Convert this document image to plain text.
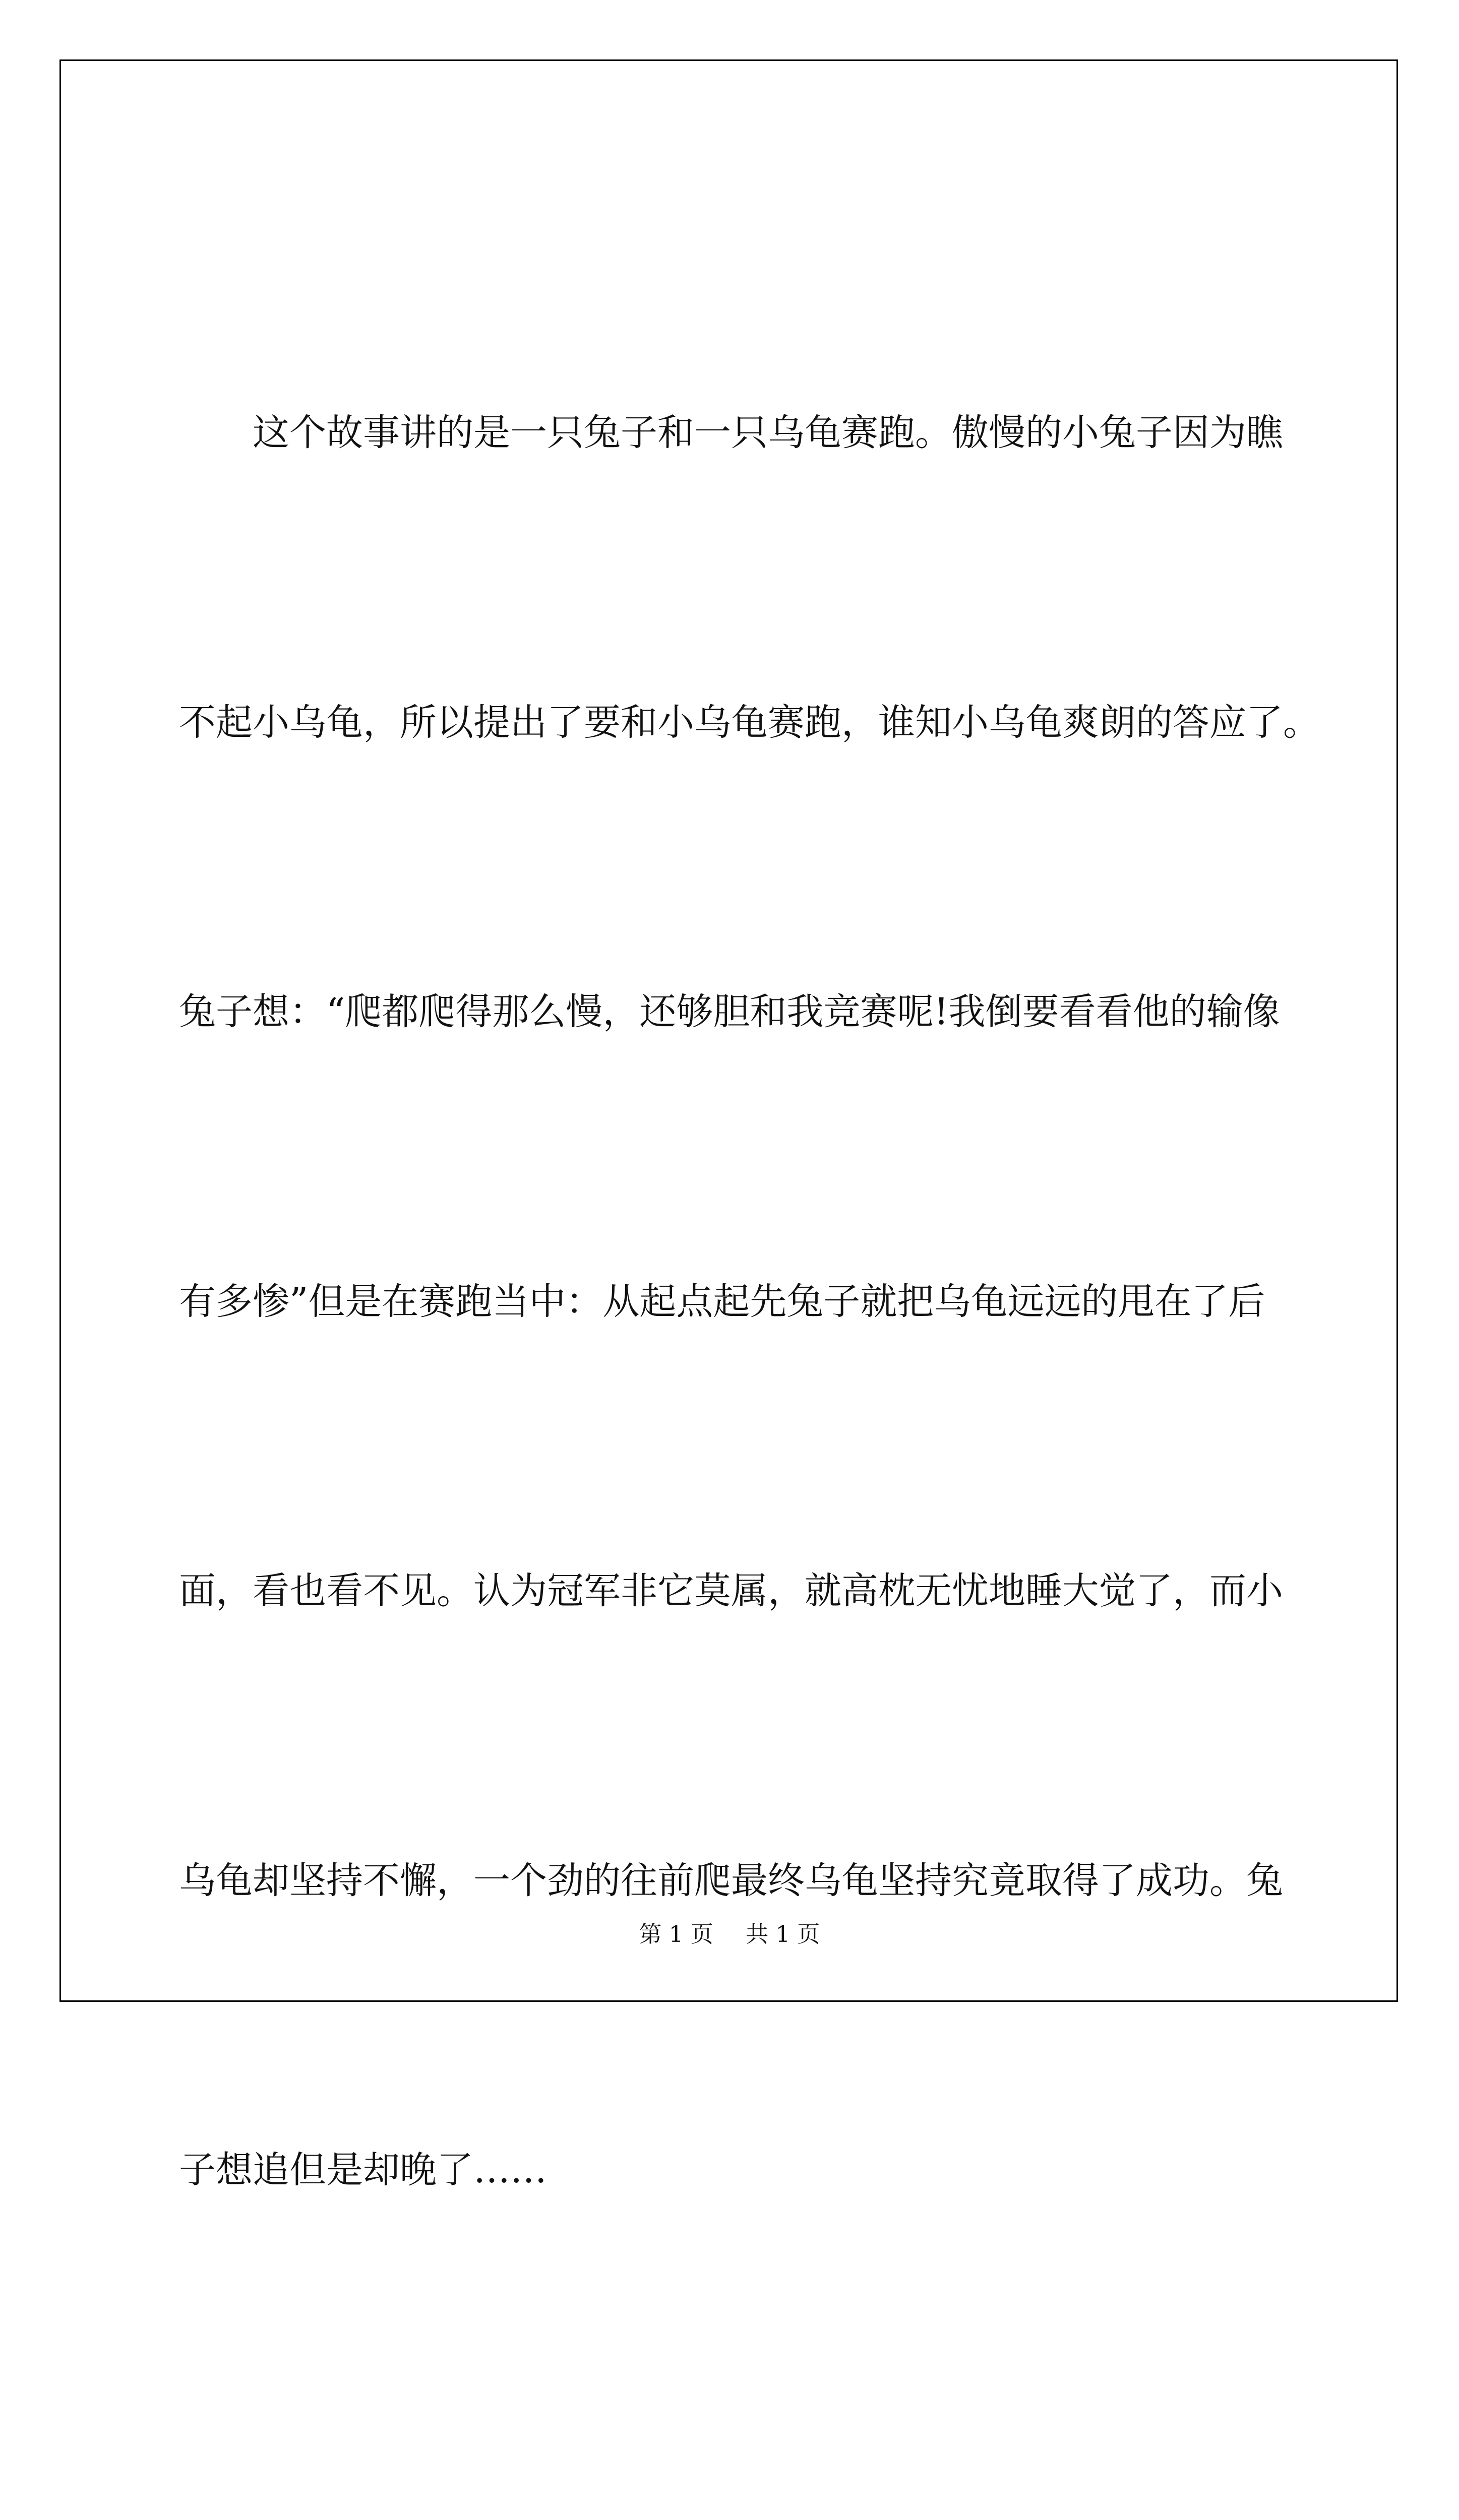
这个故事讲的是一只兔子和一只乌龟赛跑。傲慢的小兔子因为瞧

不起小乌龟，所以提出了要和小乌龟赛跑，谁知小乌龟爽朗的答应了。

兔子想：“爬都爬得那么慢，还够胆和我竞赛呢!我倒要看看他的输像

有多惨”但是在赛跑当中：从起点起先兔子就把乌龟远远的甩在了后

面，看也看不见。认为冠军非它莫属，就高枕无忧地睡大觉了，而小

乌龟却坚持不懈，一个劲的往前爬最终乌龟坚持究竟取得了成功。兔

子想追但是却晚了……

第 1 页 共 1 页
